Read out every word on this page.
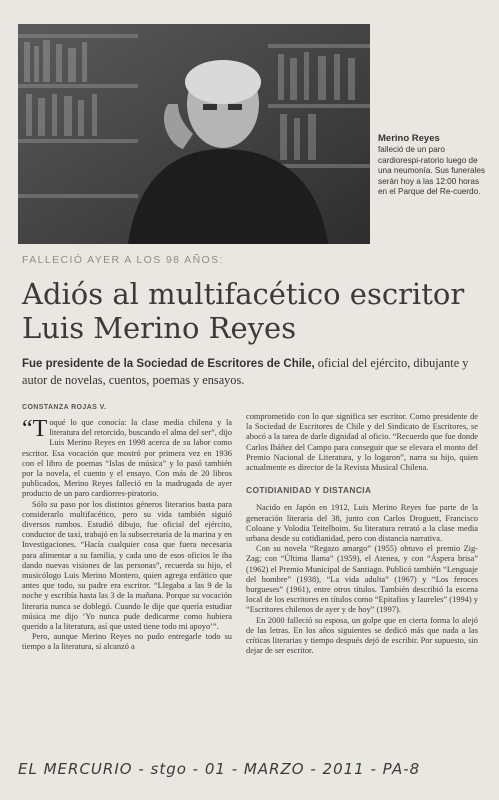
Merino Reyes
falleció de un paro cardiorespi-ratorio luego de una neumonía. Sus funerales serán hoy a las 12:00 horas en el Parque del Re-cuerdo.
FALLECIÓ AYER A LOS 98 AÑOS:
Adiós al multifacético escritor
Luis Merino Reyes
Fue presidente de la Sociedad de Escritores de Chile, oficial del ejército, dibujante y autor de novelas, cuentos, poemas y ensayos.
CONSTANZA ROJAS V.

“Toqué lo que conocía: la clase media chilena y la literatura del retorcido, buscando el alma del ser”, dijo Luis Merino Reyes en 1998 acerca de su labor como escritor. Esa vocación que mostró por primera vez en 1936 con el libro de poemas “Islas de música” y lo pasó también por la novela, el cuento y el ensayo. Con más de 20 libros publicados, Merino Reyes falleció en la madrugada de ayer producto de un paro cardiorres-piratorio.

Sólo su paso por los distintos géneros literarios basta para considerarlo multifacético, pero su vida también siguió diversos rumbos. Estudió dibujo, fue oficial del ejército, conductor de taxi, trabajó en la subsecretaría de la marina y en Investigaciones. “Hacía cualquier cosa que fuera necesaria para alimentar a su familia, y cada uno de esos oficios le iba dando nuevas visiones de las personas”, recuerda su hijo, el musicólogo Luis Merino Montero, quien agrega enfático que antes que todo, su padre era escritor. “Llegaba a las 9 de la noche y escribía hasta las 3 de la mañana. Porque su vocación literaria nunca se doblegó. Cuando le dije que quería estudiar música me dijo ‘Yo nunca pude dedicarme como hubiera querido a la literatura, así que usted tiene todo mi apoyo’”.

Pero, aunque Merino Reyes no pudo entregarle todo su tiempo a la literatura, sí alcanzó a

comprometido con lo que significa ser escritor. Como presidente de la Sociedad de Escritores de Chile y del Sindicato de Escritores, se abocó a la tarea de darle dignidad al oficio. “Recuerdo que fue donde Carlos Ibáñez del Campo para conseguir que se elevara el monto del Premio Nacional de Literatura, y lo logaron”, narra su hijo, quien actualmente es director de la Revista Musical Chilena.

COTIDIANIDAD Y DISTANCIA

Nacido en Japón en 1912, Luis Merino Reyes fue parte de la generación literaria del 38, junto con Carlos Droguett, Francisco Coloane y Volodia Teitelboim. Su literatura retrató a la clase media urbana desde su cotidianidad, pero con distancia narrativa.

Con su novela “Regazo amargo” (1955) obtuvo el premio Zig-Zag; con “Última llama” (1959), el Atenea, y con “Áspera brisa” (1962) el Premio Municipal de Santiago. Publicó también “Lenguaje del hombre” (1938), “La vida adulta” (1967) y “Los feroces burgueses” (1961), entre otros títulos. También describió la escena local de los escritores en títulos como “Epitafios y laureles” (1994) y “Escritores chilenos de ayer y de hoy” (1997).

En 2000 falleció su esposa, un golpe que en cierta forma lo alejó de las letras. En los años siguientes se dedicó más que nada a las críticas literarias y tiempo después dejó de escribir. Por supuesto, sin dejar de ser escritor.

EL MERCURIO - stgo - 01 - MARZO - 2011 - PA-8
